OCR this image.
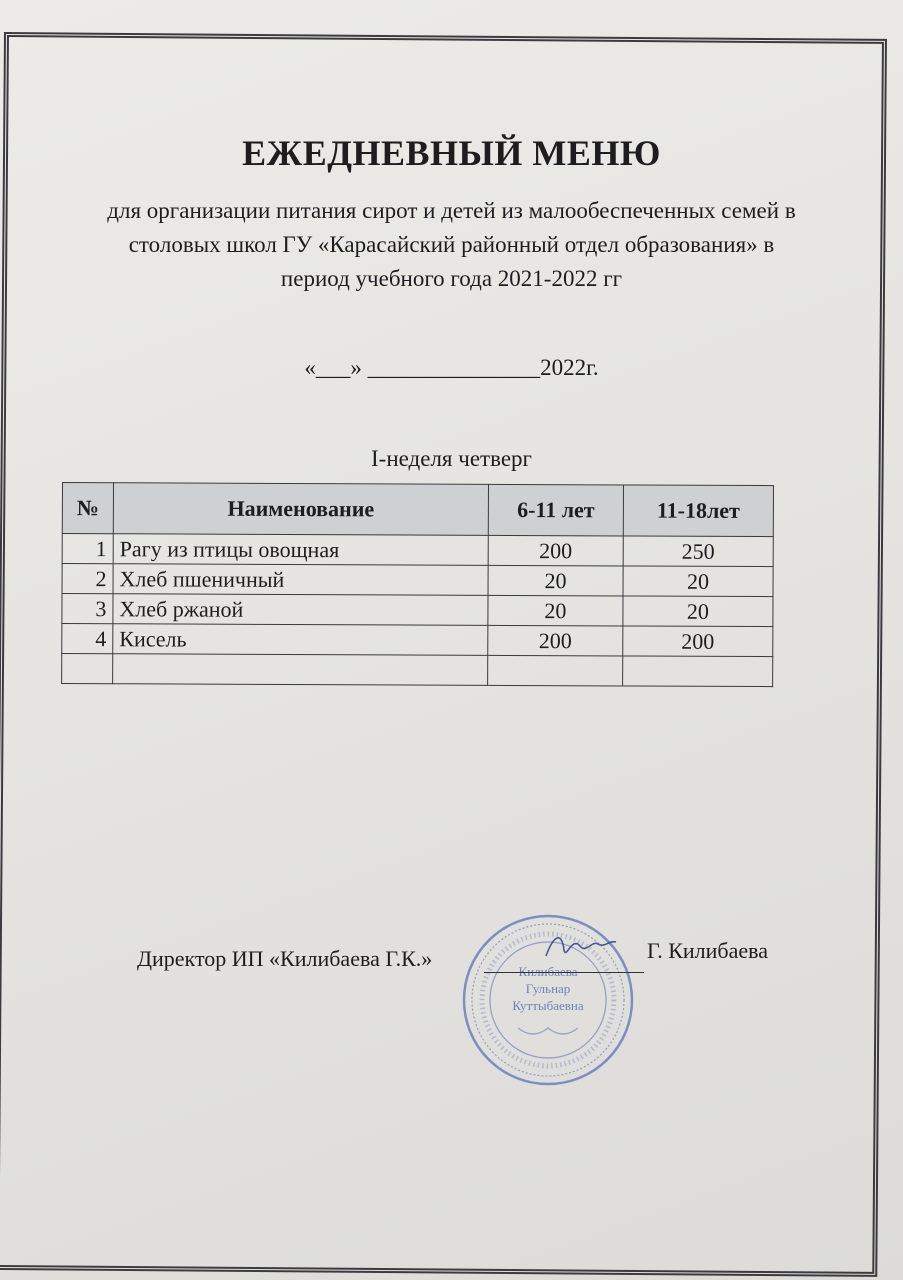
ЕЖЕДНЕВНЫЙ МЕНЮ
для организации питания сирот и детей из малообеспеченных семей в
столовых школ ГУ «Карасайский районный отдел образования» в
период учебного года 2021-2022 гг
«___» _______________2022г.
I-неделя четверг
№	Наименование	6-11 лет	11-18лет
1	Рагу из птицы овощная	200	250
2	Хлеб пшеничный	20	20
3	Хлеб ржаной	20	20
4	Кисель	200	200

Килибаева
Гульнар
Куттыбаевна
Директор ИП «Килибаева Г.К.»	Г. Килибаева
